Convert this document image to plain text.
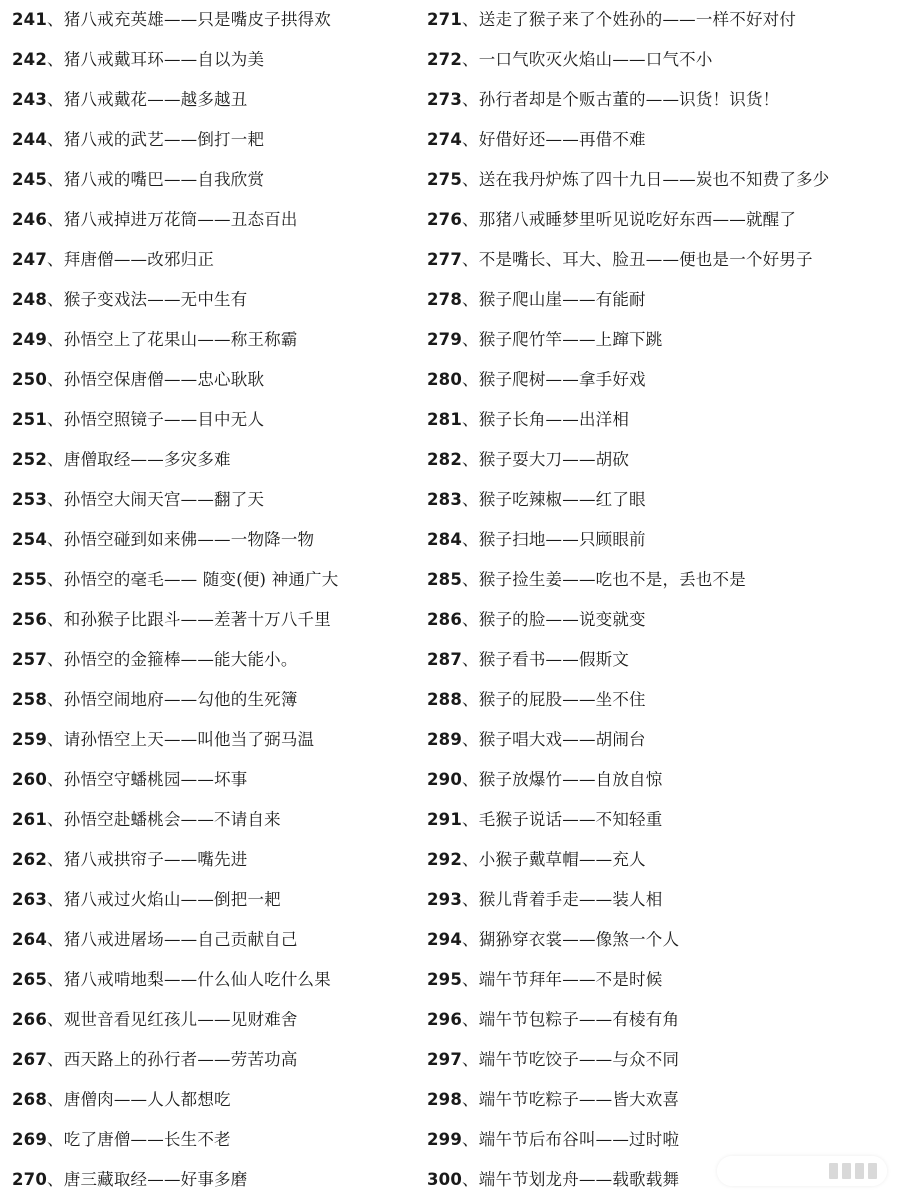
241、猪八戒充英雄——只是嘴皮子拱得欢
242、猪八戒戴耳环——自以为美
243、猪八戒戴花——越多越丑
244、猪八戒的武艺——倒打一耙
245、猪八戒的嘴巴——自我欣赏
246、猪八戒掉进万花筒——丑态百出
247、拜唐僧——改邪归正
248、猴子变戏法——无中生有
249、孙悟空上了花果山——称王称霸
250、孙悟空保唐僧——忠心耿耿
251、孙悟空照镜子——目中无人
252、唐僧取经——多灾多难
253、孙悟空大闹天宫——翻了天
254、孙悟空碰到如来佛——一物降一物
255、孙悟空的毫毛—— 随变(便) 神通广大
256、和孙猴子比跟斗——差著十万八千里
257、孙悟空的金箍棒——能大能小。
258、孙悟空闹地府——勾他的生死簿
259、请孙悟空上天——叫他当了弼马温
260、孙悟空守蟠桃园——坏事
261、孙悟空赴蟠桃会——不请自来
262、猪八戒拱帘子——嘴先进
263、猪八戒过火焰山——倒把一耙
264、猪八戒进屠场——自己贡献自己
265、猪八戒啃地梨——什么仙人吃什么果
266、观世音看见红孩儿——见财难舍
267、西天路上的孙行者——劳苦功高
268、唐僧肉——人人都想吃
269、吃了唐僧——长生不老
270、唐三藏取经——好事多磨
271、送走了猴子来了个姓孙的——一样不好对付
272、一口气吹灭火焰山——口气不小
273、孙行者却是个贩古董的——识货！识货！
274、好借好还——再借不难
275、送在我丹炉炼了四十九日——炭也不知费了多少
276、那猪八戒睡梦里听见说吃好东西——就醒了
277、不是嘴长、耳大、脸丑——便也是一个好男子
278、猴子爬山崖——有能耐
279、猴子爬竹竿——上蹿下跳
280、猴子爬树——拿手好戏
281、猴子长角——出洋相
282、猴子耍大刀——胡砍
283、猴子吃辣椒——红了眼
284、猴子扫地——只顾眼前
285、猴子捡生姜——吃也不是，丢也不是
286、猴子的脸——说变就变
287、猴子看书——假斯文
288、猴子的屁股——坐不住
289、猴子唱大戏——胡闹台
290、猴子放爆竹——自放自惊
291、毛猴子说话——不知轻重
292、小猴子戴草帽——充人
293、猴儿背着手走——装人相
294、猢狲穿衣裳——像煞一个人
295、端午节拜年——不是时候
296、端午节包粽子——有棱有角
297、端午节吃饺子——与众不同
298、端午节吃粽子——皆大欢喜
299、端午节后布谷叫——过时啦
300、端午节划龙舟——载歌载舞
